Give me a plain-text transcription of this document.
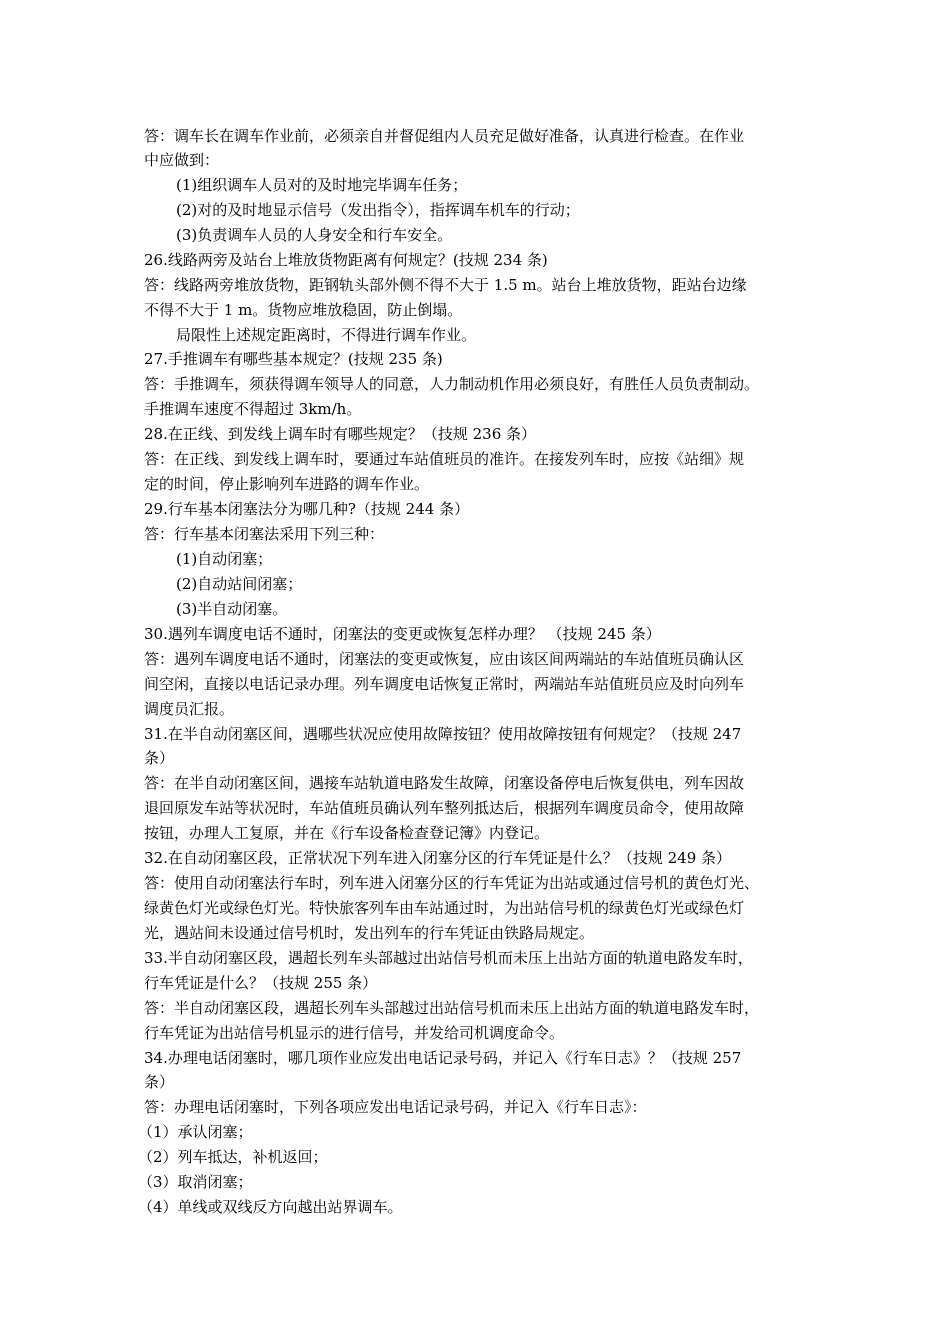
答：调车长在调车作业前，必须亲自并督促组内人员充足做好准备，认真进行检查。在作业
中应做到：
(1)组织调车人员对的及时地完毕调车任务；
(2)对的及时地显示信号（发出指令），指挥调车机车的行动；
(3)负责调车人员的人身安全和行车安全。
26.线路两旁及站台上堆放货物距离有何规定？(技规 234 条)
答：线路两旁堆放货物，距钢轨头部外侧不得不大于 1.5 m。站台上堆放货物，距站台边缘
不得不大于 1 m。货物应堆放稳固，防止倒塌。
局限性上述规定距离时，不得进行调车作业。
27.手推调车有哪些基本规定？(技规 235 条)
答：手推调车，须获得调车领导人的同意，人力制动机作用必须良好，有胜任人员负责制动。
手推调车速度不得超过 3km/h。
28.在正线、到发线上调车时有哪些规定？（技规 236 条）
答：在正线、到发线上调车时，要通过车站值班员的准许。在接发列车时，应按《站细》规
定的时间，停止影响列车进路的调车作业。
29.行车基本闭塞法分为哪几种?（技规 244 条）
答：行车基本闭塞法采用下列三种：
(1)自动闭塞；
(2)自动站间闭塞；
(3)半自动闭塞。
30.遇列车调度电话不通时，闭塞法的变更或恢复怎样办理？ （技规 245 条）
答：遇列车调度电话不通时，闭塞法的变更或恢复，应由该区间两端站的车站值班员确认区
间空闲，直接以电话记录办理。列车调度电话恢复正常时，两端站车站值班员应及时向列车
调度员汇报。
31.在半自动闭塞区间，遇哪些状况应使用故障按钮？使用故障按钮有何规定？（技规 247
条）
答：在半自动闭塞区间，遇接车站轨道电路发生故障，闭塞设备停电后恢复供电，列车因故
退回原发车站等状况时，车站值班员确认列车整列抵达后，根据列车调度员命令，使用故障
按钮，办理人工复原，并在《行车设备检查登记簿》内登记。
32.在自动闭塞区段，正常状况下列车进入闭塞分区的行车凭证是什么？（技规 249 条）
答：使用自动闭塞法行车时，列车进入闭塞分区的行车凭证为出站或通过信号机的黄色灯光、
绿黄色灯光或绿色灯光。特快旅客列车由车站通过时，为出站信号机的绿黄色灯光或绿色灯
光，遇站间未设通过信号机时，发出列车的行车凭证由铁路局规定。
33.半自动闭塞区段，遇超长列车头部越过出站信号机而未压上出站方面的轨道电路发车时，
行车凭证是什么？（技规 255 条）
答：半自动闭塞区段，遇超长列车头部越过出站信号机而未压上出站方面的轨道电路发车时，
行车凭证为出站信号机显示的进行信号，并发给司机调度命令。
34.办理电话闭塞时，哪几项作业应发出电话记录号码，并记入《行车日志》？（技规 257
条）
答：办理电话闭塞时，下列各项应发出电话记录号码，并记入《行车日志》：
（1）承认闭塞；
（2）列车抵达，补机返回；
（3）取消闭塞；
（4）单线或双线反方向越出站界调车。
